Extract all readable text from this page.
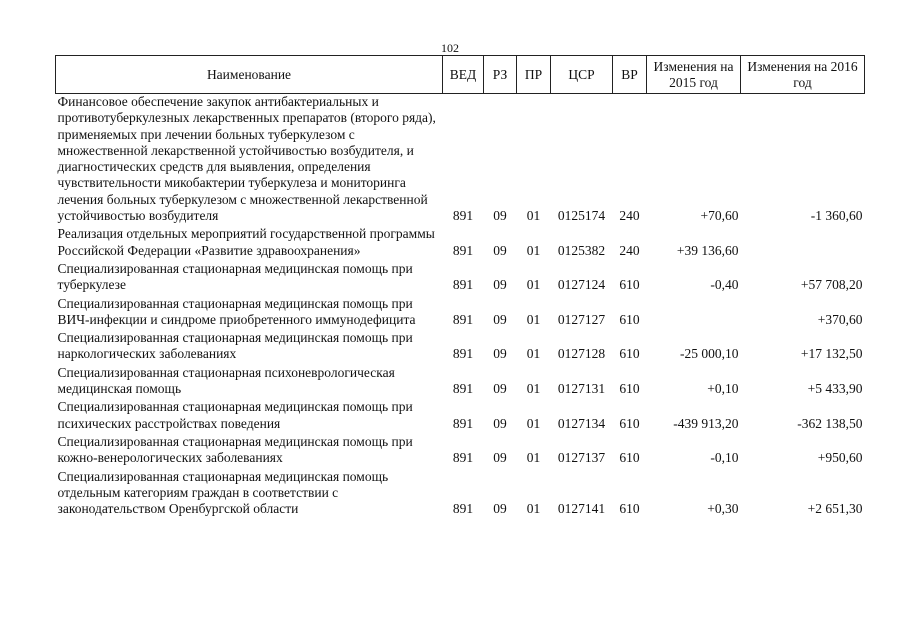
102
Наименование	ВЕД	РЗ	ПР	ЦСР	ВР	Изменения на 2015 год	Изменения на 2016 год
Финансовое обеспечение закупок антибактериальных и противотуберкулезных лекарственных препаратов (второго ряда), применяемых при лечении больных туберкулезом с множественной лекарственной устойчивостью возбудителя, и диагностических средств для выявления, определения чувствительности микобактерии туберкулеза и мониторинга лечения больных туберкулезом с множественной лекарственной устойчивостью возбудителя	891	09	01	0125174	240	+70,60	-1 360,60
Реализация отдельных мероприятий государственной программы Российской Федерации «Развитие здравоохранения»	891	09	01	0125382	240	+39 136,60	
Специализированная стационарная медицинская помощь при туберкулезе	891	09	01	0127124	610	-0,40	+57 708,20
Специализированная стационарная медицинская помощь при ВИЧ-инфекции и синдроме приобретенного иммунодефицита	891	09	01	0127127	610		+370,60
Специализированная стационарная медицинская помощь при наркологических заболеваниях	891	09	01	0127128	610	-25 000,10	+17 132,50
Специализированная стационарная психоневрологическая медицинская помощь	891	09	01	0127131	610	+0,10	+5 433,90
Специализированная стационарная медицинская помощь при психических расстройствах поведения	891	09	01	0127134	610	-439 913,20	-362 138,50
Специализированная стационарная медицинская помощь при кожно-венерологических заболеваниях	891	09	01	0127137	610	-0,10	+950,60
Специализированная стационарная медицинская помощь отдельным категориям граждан в соответствии с законодательством Оренбургской области	891	09	01	0127141	610	+0,30	+2 651,30
